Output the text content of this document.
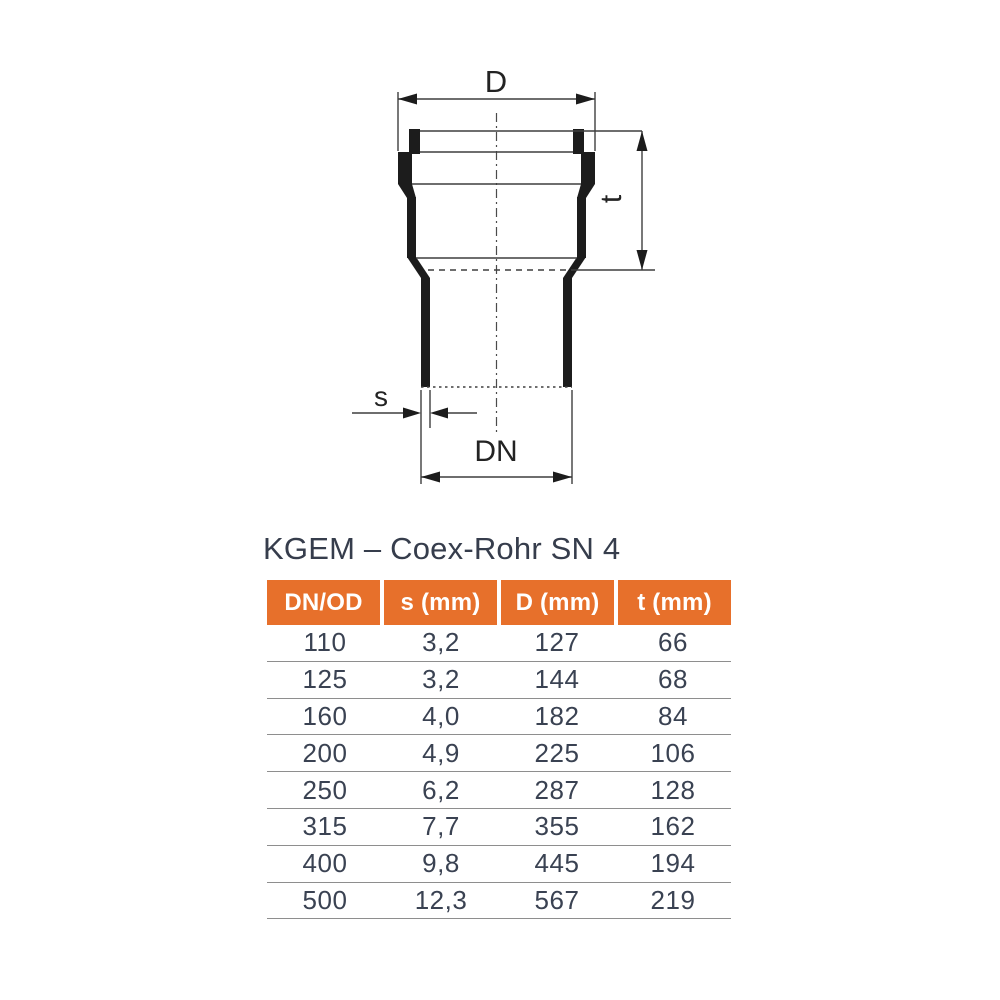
D
t
s
DN
KGEM – Coex-Rohr SN 4
DN/OD	s (mm)	D (mm)	t (mm)
110	3,2	127	66
125	3,2	144	68
160	4,0	182	84
200	4,9	225	106
250	6,2	287	128
315	7,7	355	162
400	9,8	445	194
500	12,3	567	219
